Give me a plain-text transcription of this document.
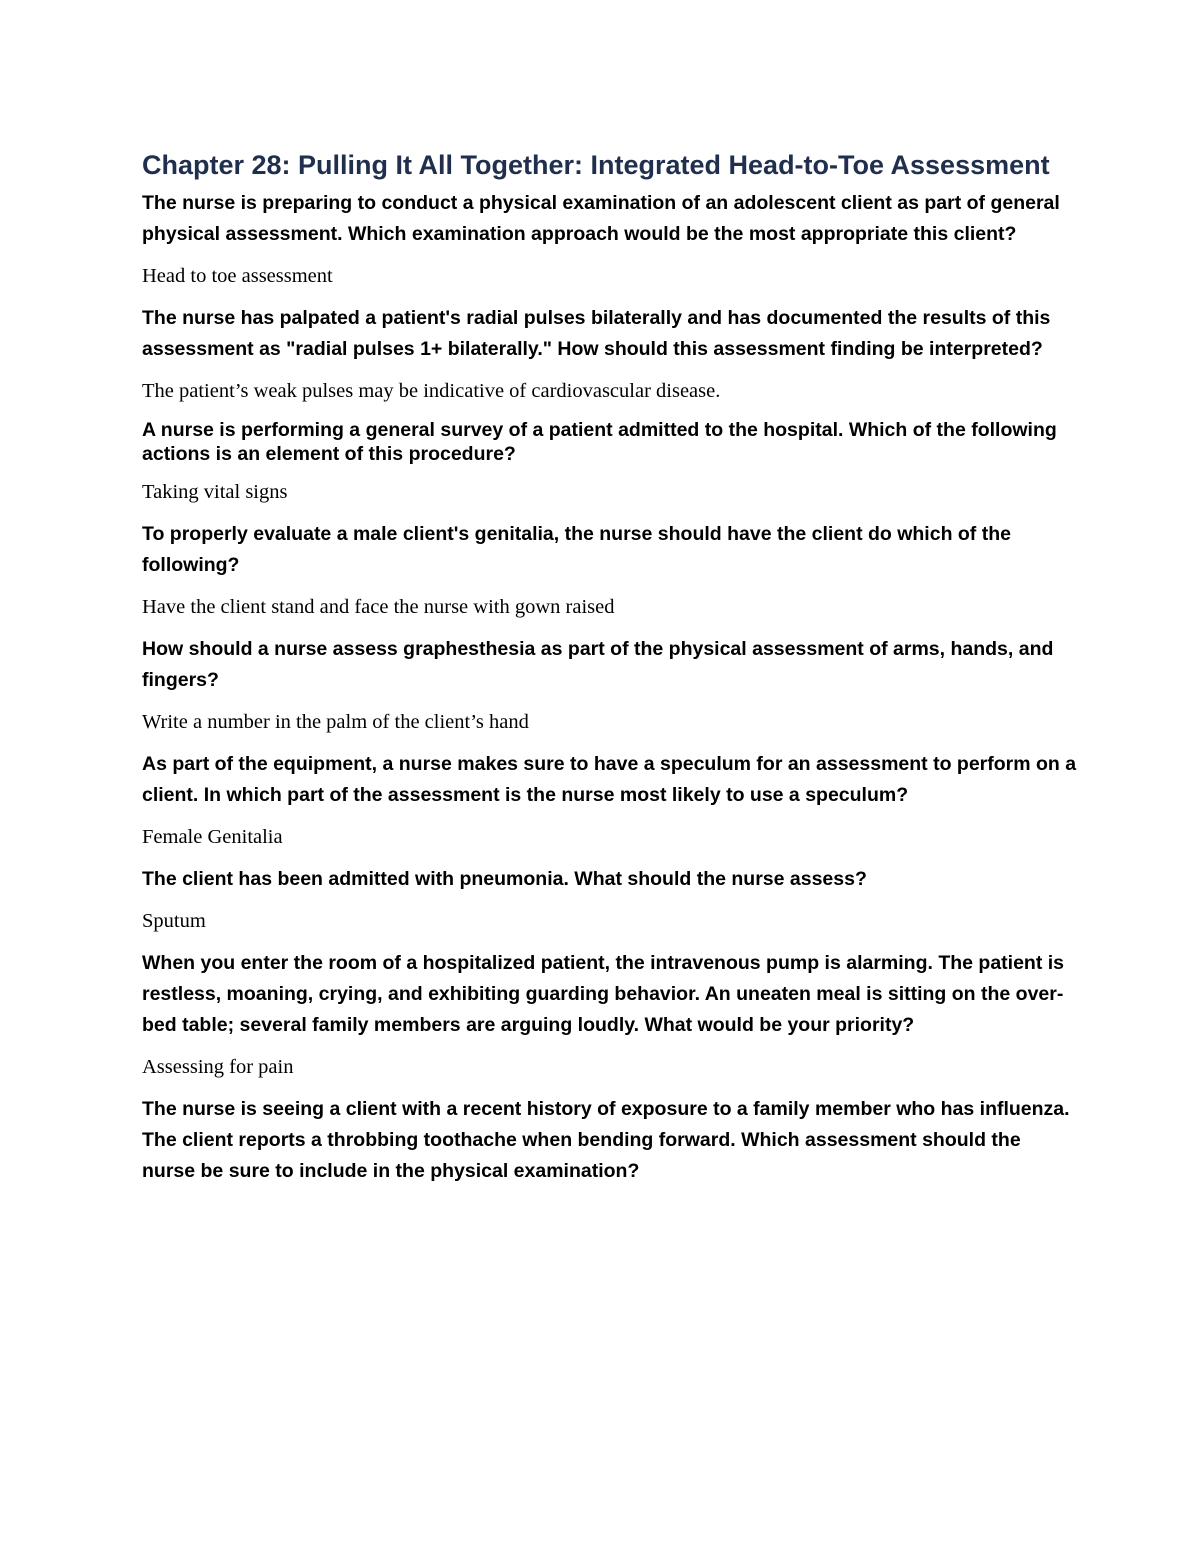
Chapter 28: Pulling It All Together: Integrated Head-to-Toe Assessment
The nurse is preparing to conduct a physical examination of an adolescent client as part of general physical assessment. Which examination approach would be the most appropriate this client?
Head to toe assessment
The nurse has palpated a patient's radial pulses bilaterally and has documented the results of this assessment as "radial pulses 1+ bilaterally." How should this assessment finding be interpreted?
The patient’s weak pulses may be indicative of cardiovascular disease.
A nurse is performing a general survey of a patient admitted to the hospital. Which of the following actions is an element of this procedure?
Taking vital signs
To properly evaluate a male client's genitalia, the nurse should have the client do which of the following?
Have the client stand and face the nurse with gown raised
How should a nurse assess graphesthesia as part of the physical assessment of arms, hands, and fingers?
Write a number in the palm of the client’s hand
As part of the equipment, a nurse makes sure to have a speculum for an assessment to perform on a client. In which part of the assessment is the nurse most likely to use a speculum?
Female Genitalia
The client has been admitted with pneumonia. What should the nurse assess?
Sputum
When you enter the room of a hospitalized patient, the intravenous pump is alarming. The patient is restless, moaning, crying, and exhibiting guarding behavior. An uneaten meal is sitting on the over-bed table; several family members are arguing loudly. What would be your priority?
Assessing for pain
The nurse is seeing a client with a recent history of exposure to a family member who has influenza. The client reports a throbbing toothache when bending forward. Which assessment should the nurse be sure to include in the physical examination?
